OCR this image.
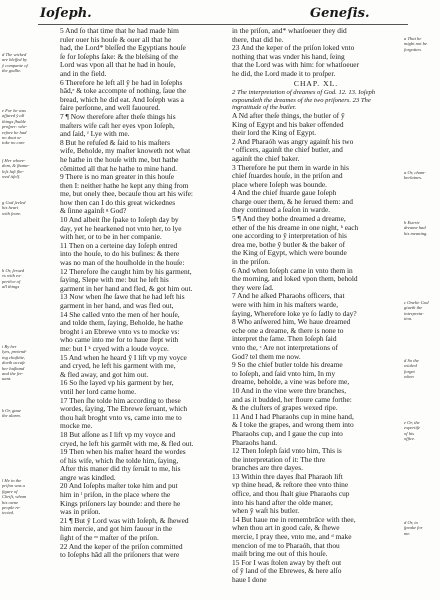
Ioſeph.	Geneſis.
5 And ſo that time that he had made him
ruler ouer his houſe & ouer all that he
had, the Lord* bleſſed the Egyptians houſe
ſe for Ioſephs ſake: & the bleſsing of the
Lord was vpon all that he had in houſe,
and in the field.
6 Therefore he left all ŷ he had in Ioſephs
hād,ᵉ & toke accompte of nothing, ſaue the
bread, which he did eat. And Ioſeph was a
faire perſonne, and well fauoured.
7 ¶ Now therefore after theſe things his
maſters wife caſt her eyes vpon Ioſeph,
and ſaid, ᶠ Lye with me.
8 But he refuſed & ſaid to his maſters
wife, Beholde, my maſter knoweth not what
he hathe in the houſe with me, but hathe
cōmitted all that he hathe to mine hand.
9 There is no man greater in this houſe
then I: neither hathe he kept any thing from
me, but onely thee, becauſe thou art his wife:
how then can I do this great wickednes
& ſinne againſt ᵍ God?
10 And albeit ſhe ſpake to Ioſeph day by
day, yet he hearkened not vnto her, to lye
with her, or to be in her companie.
11 Then on a certeine day Ioſeph entred
into the houſe, to do his buſines: & there
was no man of the houſholde in the houſe:
12 Therefore ſhe caught him by his garment,
ſaying, Slepe with me: but he left his
garment in her hand and fled, & got him out.
13 Now when ſhe ſawe that he had left his
garment in her hand, and was fled out,
14 She called vnto the men of her houſe,
and tolde them, ſaying, Beholde, he hathe
broght i an Ebrewe vnto vs to mocke vs:
who came into me for to haue ſlept with
me: but I ᵏ cryed with a loude voyce.
15 And when he heard ŷ I lift vp my voyce
and cryed, he left his garment with me,
& fled away, and got him out.
16 So ſhe layed vp his garment by her,
vntil her lord came home.
17 Then ſhe tolde him according to these
wordes, ſaying, The Ebrewe ſeruant, which
thou haſt broght vnto vs, came into me to
mocke me.
18 But aſſone as I lift vp my voyce and
cryed, he left his garmēt with me, & fled out.
19 Then when his maſter heard the wordes
of his wife, which ſhe tolde him, ſaying,
After this maner did thy ſeruāt to me, his
angre was kindled.
20 And Ioſephs maſter toke him and put
him in ˡ priſon, in the place where the
Kings priſoners lay bounde: and there he
was in priſon.
21 ¶ But ŷ Lord was with Ioſeph, & ſhewed
him mercie, and got him fauour in the
ſight of the ᵐ maſter of the priſon.
22 And the keper of the priſon committed
to Ioſephs hād all the priſoners that were
in the priſon, and* whatſoeuer they did
there, that did he.
23 And the keper of the priſon loked vnto
nothing that was vnder his hand, ſeing
that the Lord was with him: for whatſoeuer
he did, the Lord made it to proſper.
CHAP. XL.
2 The interpretation of dreames of God. 12. 13. Ioſeph
expoundeth the dreames of the two priſoners. 23 The
ingratitude of the butler.
A Nd after theſe things, the butler of ŷ
King of Egypt and his baker offended
their lord the King of Egypt.
2 And Pharaóh was angry againſt his two
ᵃ officers, againſt the chief butler, and
againſt the chief baker.
3 Therefore he put them in warde in his
chief ſtuardes houſe, in the priſon and
place where Ioſeph was bounde.
4 And the chief ſtuarde gaue Ioſeph
charge ouer them, & he ſerued them: and
they continued a ſeaſon in warde.
5 ¶ And they bothe dreamed a dreame,
ether of the his dreame in one night, ᵇ each
one according to ŷ interpretation of his
drea me, bothe ŷ butler & the baker of
the King of Egypt, which were bounde
in the priſon.
6 And when Ioſeph came in vnto them in
the morning, and loked vpon them, behold
they were ſad.
7 And he aſked Pharaohs officers, that
were with him in his maſters warde,
ſaying, Wherefore loke ye ſo ſadly to day?
8 Who anſwered him, We haue dreamed
eche one a dreame, & there is none to
interpret the ſame. Then Ioſeph ſaid
vnto the, ᶜ Are not interpretations of
God? tel them me now.
9 So the chief butler tolde his dreame
to Ioſeph, and ſaid vnto him, In my
dreame, beholde, a vine was before me,
10 And in the vine were thre branches,
and as it budded, her floure came forthe:
& the cluſters of grapes wexed ripe.
11 And I had Pharaohs cup in mine hand,
& I toke the grapes, and wrong them into
Pharaohs cup, and I gaue the cup into
Pharaohs hand.
12 Then Ioſeph ſaid vnto him, This is
the interpretation of it: The thre
branches are thre dayes.
13 Within thre dayes ſhal Pharaoh lift
vp thine head, & reſtore thee vnto thine
office, and thou ſhalt giue Pharaohs cup
into his hand after the olde maner,
when ŷ waſt his butler.
14 But haue me in remembrāce with thee,
when thou art in good caſe, & ſhewe
mercie, I pray thee, vnto me, and ᵈ make
mencion of me to Pharaóh, that thou
maiſt bring me out of this houſe.
15 For I was ſtolen away by theft out
of ŷ land of the Ebrewes, & here alſo
haue I done
d The wicked
are bleſſed by
ŷ companie of
the godlie.
e For he was
aſſured ŷ all
things ſhulde
proſper: whe-
refore he had
no dout or
toke no care
f Her whore-
dom, & ſhame-
leſs luſt ſhe-
wed itſelf.
g God ſeeled
his heart
with feare.
h Or, ſerued
vs with ex-
periēce of
all things
i By her
lyes, pretend-
ing chaſtitie,
doeth accuſe
her huſband
and the ſer-
uant.
k Or, gaue
the alarm.
l He in the
priſon was a
figure of
Chriſt, whom
his owne
people re-
iected.
a That he
might not be
forgotten.
a Or, cham-
berlaines.
b Euerie
dreame had
his meaning.
c Onelie God
giueth the
interpreta-
tion.
d So the
wicked
forget
when
e Or, the
expertiſe
of his
office.
d Or, to
ſpeake for
me.
